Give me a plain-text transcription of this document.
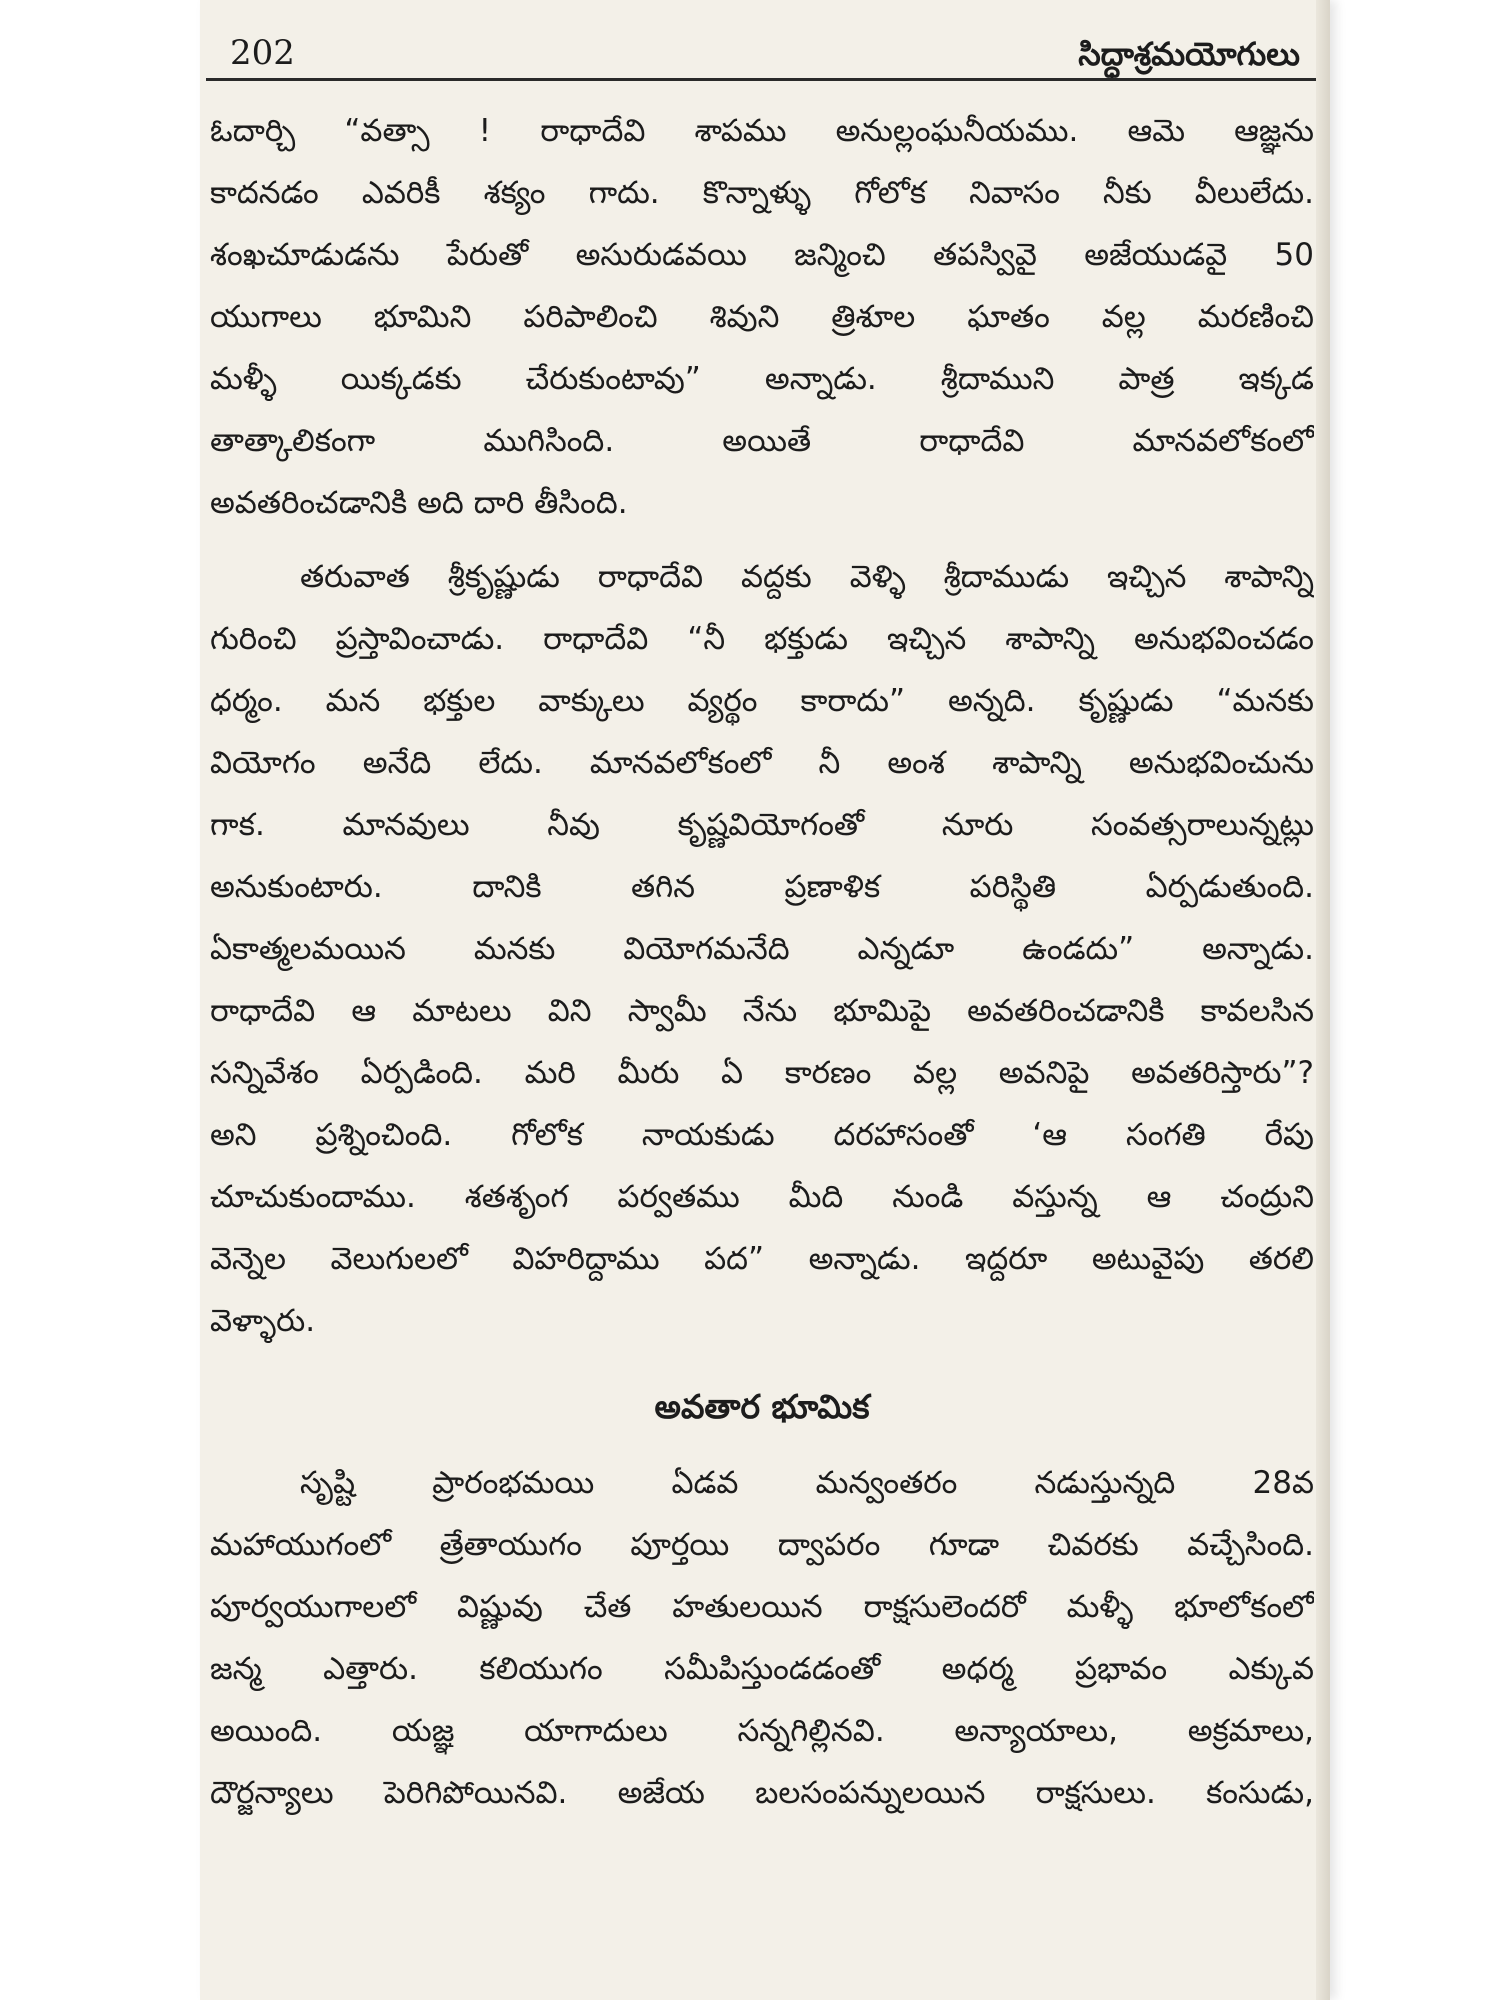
202	సిద్ధాశ్రమయోగులు
ఓదార్చి “వత్సా ! రాధాదేవి శాపము అనుల్లంఘనీయము. ఆమె ఆజ్ఞను
కాదనడం ఎవరికీ శక్యం గాదు. కొన్నాళ్ళు గోలోక నివాసం నీకు వీలులేదు.
శంఖచూడుడను పేరుతో అసురుడవయి జన్మించి తపస్వివై అజేయుడవై 50
యుగాలు భూమిని పరిపాలించి శివుని త్రిశూల ఘాతం వల్ల మరణించి
మళ్ళీ యిక్కడకు చేరుకుంటావు” అన్నాడు. శ్రీదాముని పాత్ర ఇక్కడ
తాత్కాలికంగా ముగిసింది. అయితే రాధాదేవి మానవలోకంలో
అవతరించడానికి అది దారి తీసింది.
తరువాత శ్రీకృష్ణుడు రాధాదేవి వద్దకు వెళ్ళి శ్రీదాముడు ఇచ్చిన శాపాన్ని
గురించి ప్రస్తావించాడు. రాధాదేవి “నీ భక్తుడు ఇచ్చిన శాపాన్ని అనుభవించడం
ధర్మం. మన భక్తుల వాక్కులు వ్యర్థం కారాదు” అన్నది. కృష్ణుడు “మనకు
వియోగం అనేది లేదు. మానవలోకంలో నీ అంశ శాపాన్ని అనుభవించును
గాక. మానవులు నీవు కృష్ణవియోగంతో నూరు సంవత్సరాలున్నట్లు
అనుకుంటారు. దానికి తగిన ప్రణాళిక పరిస్థితి ఏర్పడుతుంది.
ఏకాత్మలమయిన మనకు వియోగమనేది ఎన్నడూ ఉండదు” అన్నాడు.
రాధాదేవి ఆ మాటలు విని స్వామీ నేను భూమిపై అవతరించడానికి కావలసిన
సన్నివేశం ఏర్పడింది. మరి మీరు ఏ కారణం వల్ల అవనిపై అవతరిస్తారు”?
అని ప్రశ్నించింది. గోలోక నాయకుడు దరహాసంతో ‘ఆ సంగతి రేపు
చూచుకుందాము. శతశృంగ పర్వతము మీది నుండి వస్తున్న ఆ చంద్రుని
వెన్నెల వెలుగులలో విహరిద్దాము పద” అన్నాడు. ఇద్దరూ అటువైపు తరలి
వెళ్ళారు.
అవతార భూమిక
సృష్టి ప్రారంభమయి ఏడవ మన్వంతరం నడుస్తున్నది 28వ
మహాయుగంలో త్రేతాయుగం పూర్తయి ద్వాపరం గూడా చివరకు వచ్చేసింది.
పూర్వయుగాలలో విష్ణువు చేత హతులయిన రాక్షసులెందరో మళ్ళీ భూలోకంలో
జన్మ ఎత్తారు. కలియుగం సమీపిస్తుండడంతో అధర్మ ప్రభావం ఎక్కువ
అయింది. యజ్ఞ యాగాదులు సన్నగిల్లినవి. అన్యాయాలు, అక్రమాలు,
దౌర్జన్యాలు పెరిగిపోయినవి. అజేయ బలసంపన్నులయిన రాక్షసులు. కంసుడు,
